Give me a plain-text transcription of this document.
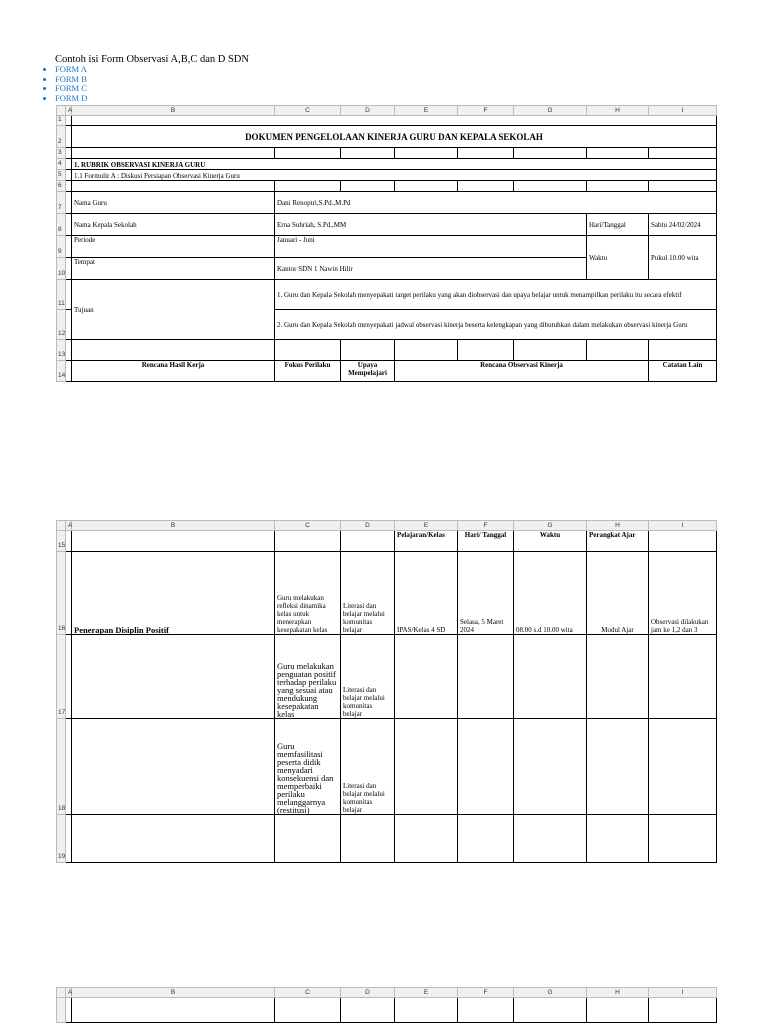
Contoh isi Form Observasi A,B,C dan D SDN
• FORM A
• FORM B
• FORM C
• FORM D
	A	B	C	D	E	F	G	H	I
1									
2		DOKUMEN PENGELOLAAN KINERJA GURU DAN KEPALA SEKOLAH							
3									
4		1. RUBRIK OBSERVASI KINERJA GURU							
5		1.1 Formulir A : Diskusi Persiapan Observasi Kinerja Guru							
6									
7		Nama Guru	Dani Renoptri,S.Pd.,M.Pd						
8		Nama Kepala Sekolah	Erna Suhriah, S.Pd.,MM					Hari/Tanggal	Sabtu 24/02/2024
9		Periode	Januari - Juni					Waktu	Pukul 10.00 wita
10		Tempat	Kantor SDN 1 Nawin Hilir						
11		Tujuan	1. Guru dan Kepala Sekolah menyepakati target perilaku yang akan diobservasi dan upaya belajar untuk menampilkan perilaku itu secara efektif						
12			2. Guru dan Kepala Sekolah menyepakati jadwal observasi kinerja beserta kelengkapan yang dibutuhkan dalam melakukan observasi kinerja Guru						
13									
14		Rencana Hasil Kerja	Fokus Perilaku	Upaya Mempelajari	Rencana Observasi Kinerja				Catatan Lain
	A	B	C	D	E	F	G	H	I
15					Pelajaran/Kelas	Hari/ Tanggal	Waktu	Perangkat Ajar	
16		Penerapan Disiplin Positif	Guru melakukan refleksi dinamika kelas untuk menerapkan kesepakatan kelas	Literasi dan belajar melalui komunitas belajar	IPAS/Kelas 4 SD	Selasa, 5 Maret 2024	08.00 s.d 10.00 wita	Modul Ajar	Observasi dilakukan jam ke 1,2 dan 3
17			Guru melakukan penguatan positif terhadap perilaku yang sesuai atau mendukung kesepakatan kelas	Literasi dan belajar melalui komunitas belajar					
18			Guru memfasilitasi peserta didik menyadari konsekuensi dan memperbaiki perilaku melanggarnya (restitusi)	Literasi dan belajar melalui komunitas belajar					
19									
	A	B	C	D	E	F	G	H	I
